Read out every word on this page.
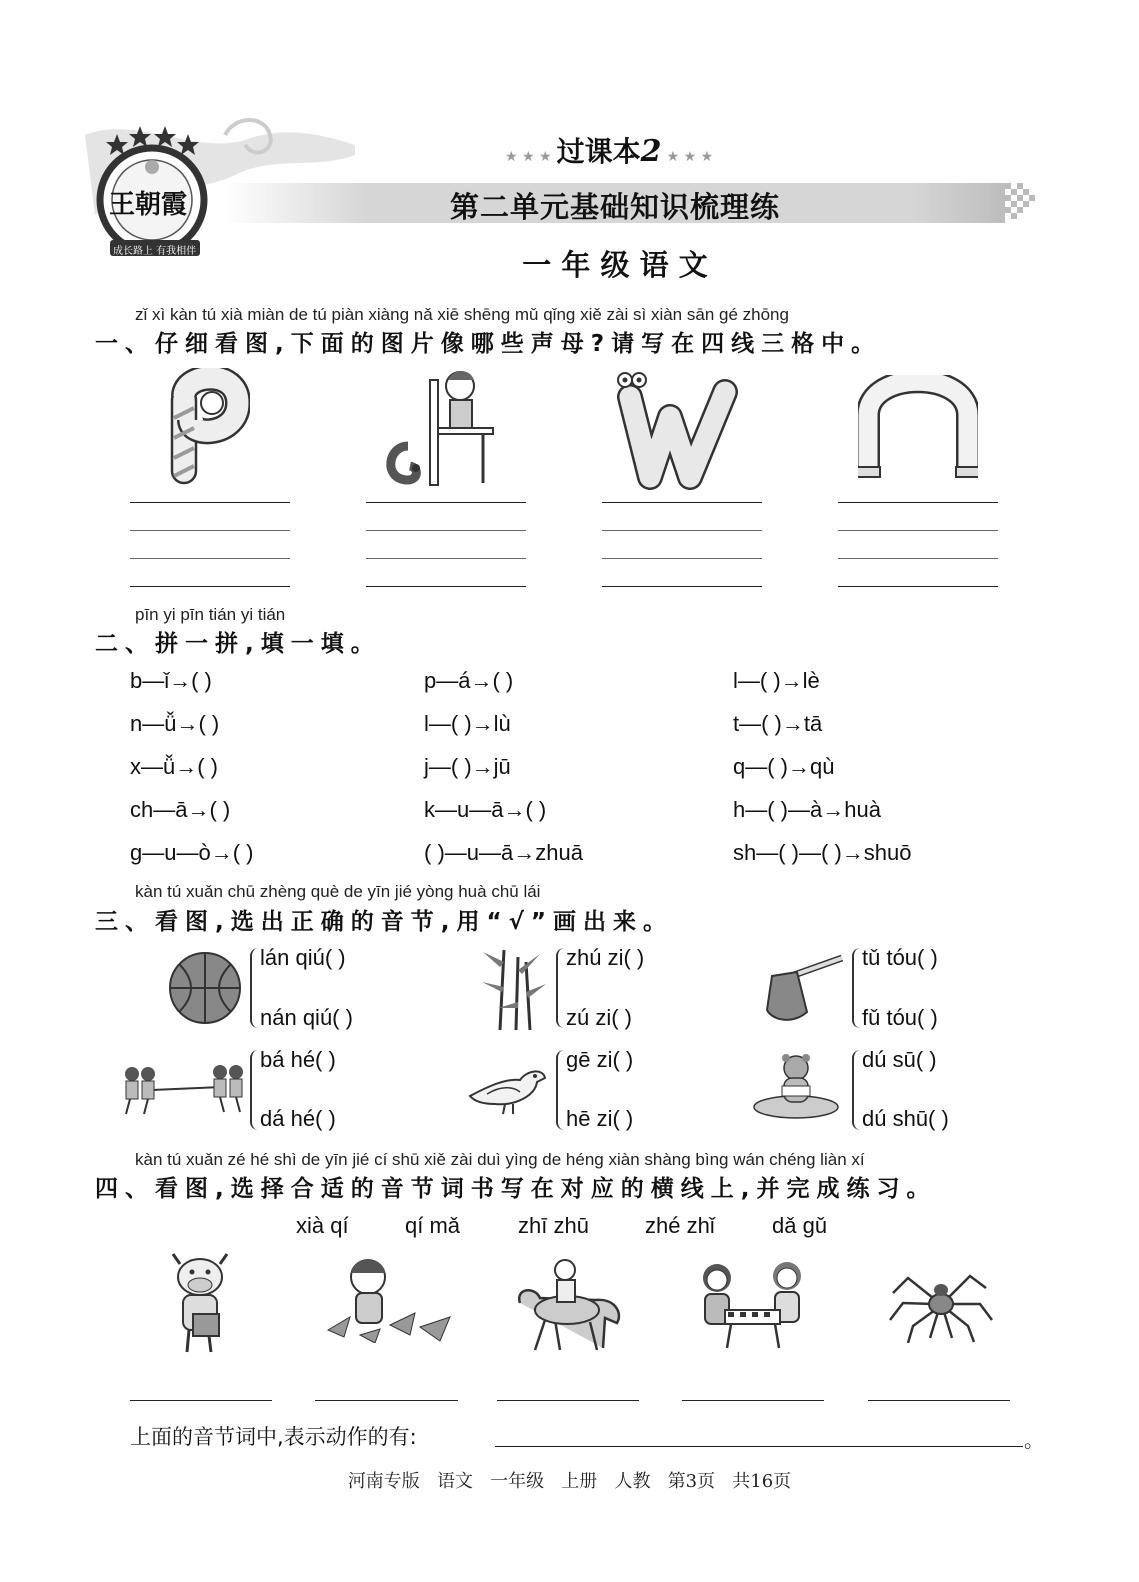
王朝霞
成长路上 有我相伴
★ ★ ★ 过课本2 ★ ★ ★
第二单元基础知识梳理练
一 年 级 语 文
zǐ xì kàn tú xià miàn de tú piàn xiàng nǎ xiē shēng mǔ qǐng xiě zài sì xiàn sān gé zhōng
一、仔细看图,下面的图片像哪些声母?请写在四线三格中。
pīn yi pīn tián yi tián
二、拼一拼,填一填。
b—ǐ→( )	p—á→( )	l—( )→lè
n—ǚ→( )	l—( )→lù	t—( )→tā
x—ǚ→( )	j—( )→jū	q—( )→qù
ch—ā→( )	k—u—ā→( )	h—( )—à→huà
g—u—ò→( )	( )—u—ā→zhuā	sh—( )—( )→shuō
kàn tú xuǎn chū zhèng què de yīn jié yòng huà chū lái
三、看图,选出正确的音节,用“√”画出来。
lán qiú( )
nán qiú( )
zhú zi( )
zú zi( )
tǔ tóu( )
fǔ tóu( )
bá hé( )
dá hé( )
gē zi( )
hē zi( )
dú sū( )
dú shū( )
kàn tú xuǎn zé hé shì de yīn jié cí shū xiě zài duì yìng de héng xiàn shàng bìng wán chéng liàn xí
四、看图,选择合适的音节词书写在对应的横线上,并完成练习。
xià qí	qí mǎ	zhī zhū	zhé zhǐ	dǎ gǔ
上面的音节词中,表示动作的有:	。
河南专版   语文   一年级   上册   人教   第3页   共16页
